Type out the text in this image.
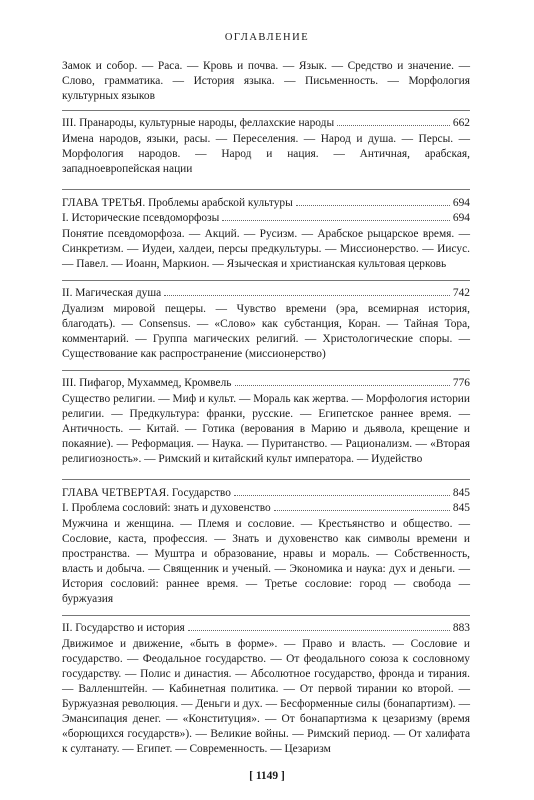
ОГЛАВЛЕНИЕ

Замок и собор. — Раса. — Кровь и почва. — Язык. — Средство и значение. — Слово, грамматика. — История языка. — Письменность. — Морфология культурных языков

III. Пранароды, культурные народы, феллахские народы	662

Имена народов, языки, расы. — Переселения. — Народ и душа. — Персы. — Морфология народов. — Народ и нация. — Античная, арабская, западноевропейская нации

ГЛАВА ТРЕТЬЯ. Проблемы арабской культуры	694
I. Исторические псевдоморфозы	694

Понятие псевдоморфоза. — Акций. — Русизм. — Арабское рыцарское время. — Синкретизм. — Иудеи, халдеи, персы предкультуры. — Миссионерство. — Иисус. — Павел. — Иоанн, Маркион. — Языческая и христианская культовая церковь

II. Магическая душа	742

Дуализм мировой пещеры. — Чувство времени (эра, всемирная история, благодать). — Consensus. — «Слово» как субстанция, Коран. — Тайная Тора, комментарий. — Группа магических религий. — Христологические споры. — Существование как распространение (миссионерство)

III. Пифагор, Мухаммед, Кромвель	776

Существо религии. — Миф и культ. — Мораль как жертва. — Морфология истории религии. — Предкультура: франки, русские. — Египетское раннее время. — Античность. — Китай. — Готика (верования в Марию и дьявола, крещение и покаяние). — Реформация. — Наука. — Пуританство. — Рационализм. — «Вторая религиозность». — Римский и китайский культ императора. — Иудейство

ГЛАВА ЧЕТВЕРТАЯ. Государство	845
I. Проблема сословий: знать и духовенство	845

Мужчина и женщина. — Племя и сословие. — Крестьянство и общество. — Сословие, каста, профессия. — Знать и духовенство как символы времени и пространства. — Муштра и образование, нравы и мораль. — Собственность, власть и добыча. — Священник и ученый. — Экономика и наука: дух и деньги. — История сословий: раннее время. — Третье сословие: город — свобода — буржуазия

II. Государство и история	883

Движимое и движение, «быть в форме». — Право и власть. — Сословие и государство. — Феодальное государство. — От феодального союза к сословному государству. — Полис и династия. — Абсолютное государство, фронда и тирания. — Валленштейн. — Кабинетная политика. — От первой тирании ко второй. — Буржуазная революция. — Деньги и дух. — Бесформенные силы (бонапартизм). — Эмансипация денег. — «Конституция». — От бонапартизма к цезаризму (время «борющихся государств»). — Великие войны. — Римский период. — От халифата к султанату. — Египет. — Современность. — Цезаризм

[ 1149 ]
